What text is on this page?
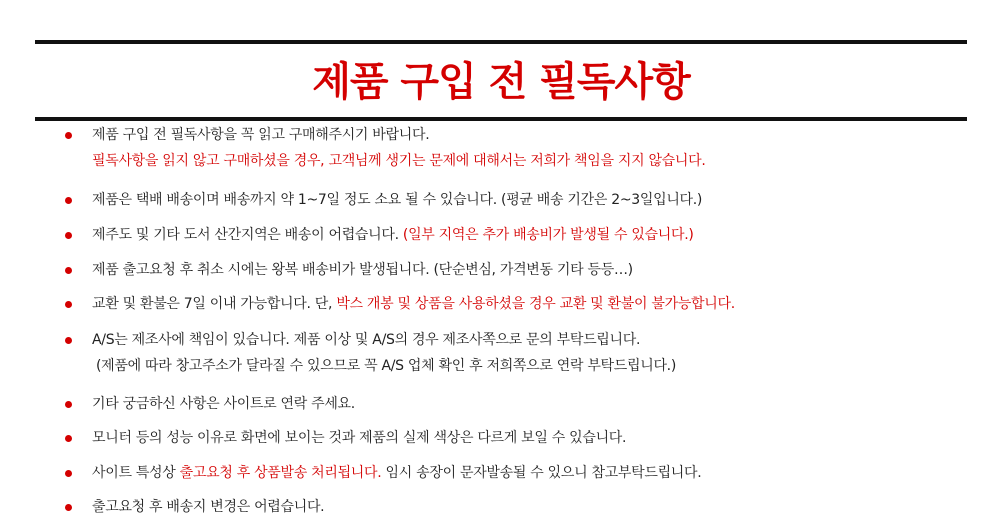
제품 구입 전 필독사항
제품 구입 전 필독사항을 꼭 읽고 구매해주시기 바랍니다.
필독사항을 읽지 않고 구매하셨을 경우, 고객님께 생기는 문제에 대해서는 저희가 책임을 지지 않습니다.
제품은 택배 배송이며 배송까지 약 1~7일 정도 소요 될 수 있습니다. (평균 배송 기간은 2~3일입니다.)
제주도 및 기타 도서 산간지역은 배송이 어렵습니다. (일부 지역은 추가 배송비가 발생될 수 있습니다.)
제품 출고요청 후 취소 시에는 왕복 배송비가 발생됩니다. (단순변심, 가격변동 기타 등등…)
교환 및 환불은 7일 이내 가능합니다. 단, 박스 개봉 및 상품을 사용하셨을 경우 교환 및 환불이 불가능합니다.
A/S는 제조사에 책임이 있습니다. 제품 이상 및 A/S의 경우 제조사쪽으로 문의 부탁드립니다.
(제품에 따라 창고주소가 달라질 수 있으므로 꼭 A/S 업체 확인 후 저희쪽으로 연락 부탁드립니다.)
기타 궁금하신 사항은 사이트로 연락 주세요.
모니터 등의 성능 이유로 화면에 보이는 것과 제품의 실제 색상은 다르게 보일 수 있습니다.
사이트 특성상 출고요청 후 상품발송 처리됩니다. 임시 송장이 문자발송될 수 있으니 참고부탁드립니다.
출고요청 후 배송지 변경은 어렵습니다.
